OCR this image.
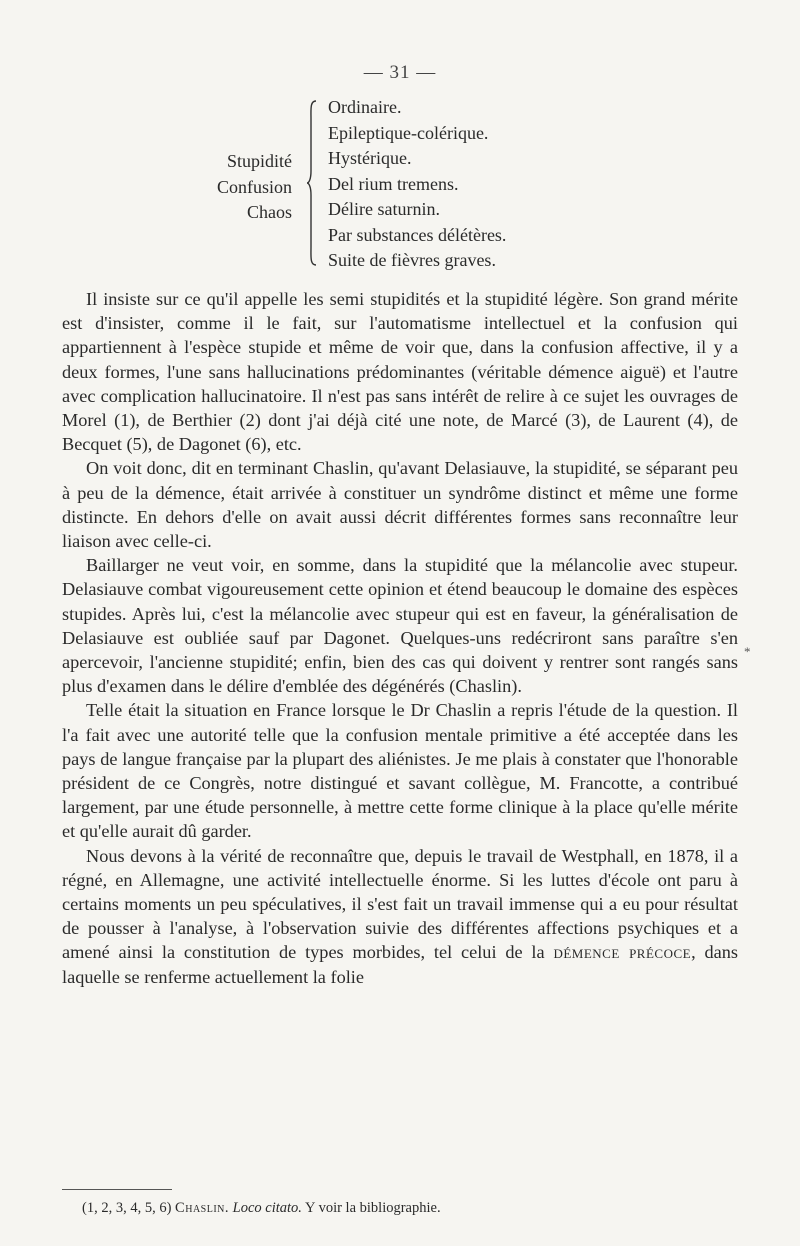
— 31 —
Stupidité
Confusion
Chaos
Ordinaire.
Epileptique-colérique.
Hystérique.
Del rium tremens.
Délire saturnin.
Par substances délétères.
Suite de fièvres graves.

Il insiste sur ce qu'il appelle les semi stupidités et la stupidité légère. Son grand mérite est d'insister, comme il le fait, sur l'automatisme intellectuel et la confusion qui appartiennent à l'espèce stupide et même de voir que, dans la confusion affective, il y a deux formes, l'une sans hallucinations prédominantes (véritable démence aiguë) et l'autre avec complication hallucinatoire. Il n'est pas sans intérêt de relire à ce sujet les ouvrages de Morel (1), de Berthier (2) dont j'ai déjà cité une note, de Marcé (3), de Laurent (4), de Becquet (5), de Dagonet (6), etc.

On voit donc, dit en terminant Chaslin, qu'avant Delasiauve, la stupidité, se séparant peu à peu de la démence, était arrivée à constituer un syndrôme distinct et même une forme distincte. En dehors d'elle on avait aussi décrit différentes formes sans reconnaître leur liaison avec celle-ci.

Baillarger ne veut voir, en somme, dans la stupidité que la mélancolie avec stupeur. Delasiauve combat vigoureusement cette opinion et étend beaucoup le domaine des espèces stupides. Après lui, c'est la mélancolie avec stupeur qui est en faveur, la généralisation de Delasiauve est oubliée sauf par Dagonet. Quelques-uns redécriront sans paraître s'en apercevoir, l'ancienne stupidité; enfin, bien des cas qui doivent y rentrer sont rangés sans plus d'examen dans le délire d'emblée des dégénérés (Chaslin).

Telle était la situation en France lorsque le Dr Chaslin a repris l'étude de la question. Il l'a fait avec une autorité telle que la confusion mentale primitive a été acceptée dans les pays de langue française par la plupart des aliénistes. Je me plais à constater que l'honorable président de ce Congrès, notre distingué et savant collègue, M. Francotte, a contribué largement, par une étude personnelle, à mettre cette forme clinique à la place qu'elle mérite et qu'elle aurait dû garder.

Nous devons à la vérité de reconnaître que, depuis le travail de Westphall, en 1878, il a régné, en Allemagne, une activité intellectuelle énorme. Si les luttes d'école ont paru à certains moments un peu spéculatives, il s'est fait un travail immense qui a eu pour résultat de pousser à l'analyse, à l'observation suivie des différentes affections psychiques et a amené ainsi la constitution de types morbides, tel celui de la démence précoce, dans laquelle se renferme actuellement la folie

*
(1, 2, 3, 4, 5, 6) Chaslin. Loco citato. Y voir la bibliographie.
